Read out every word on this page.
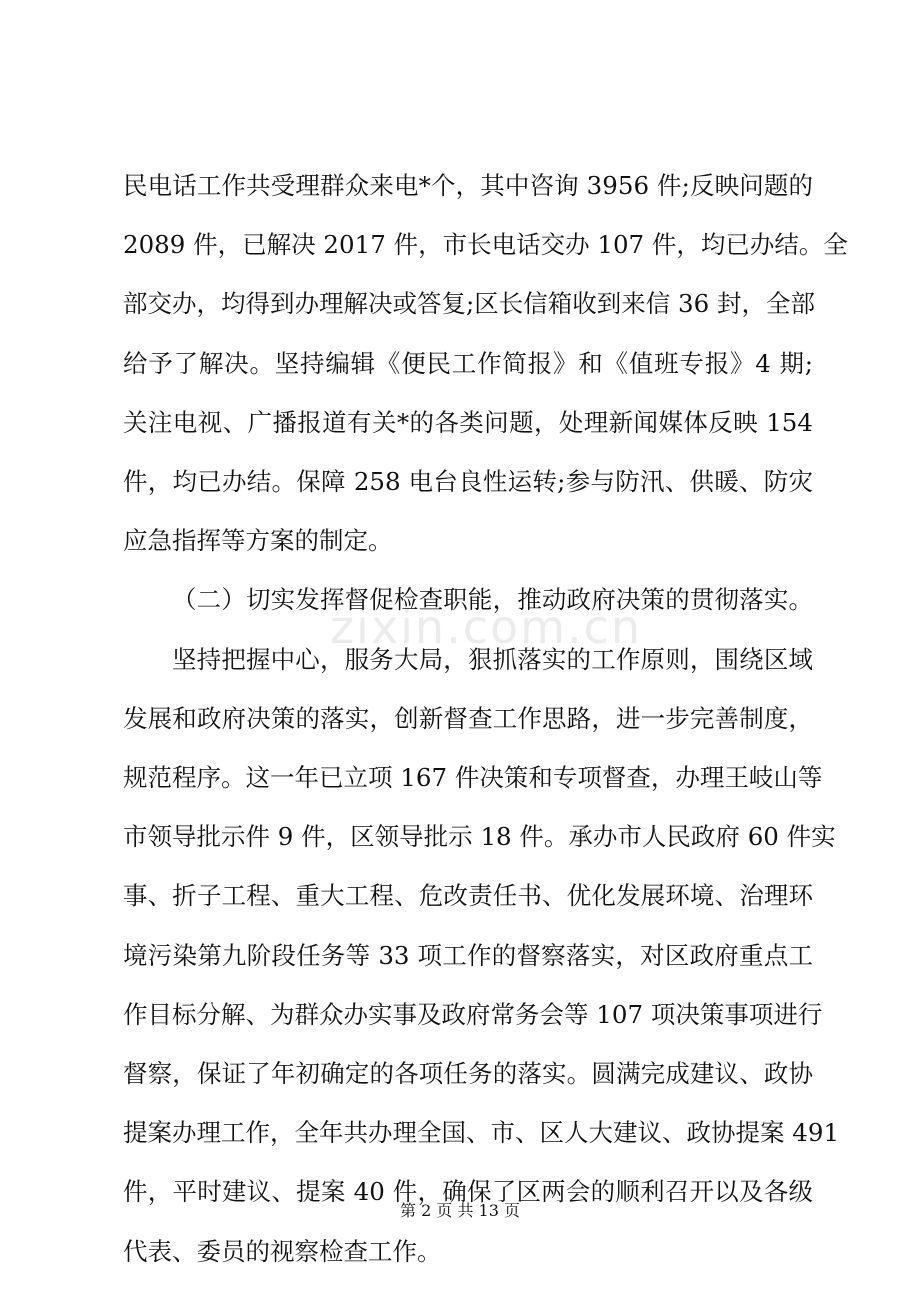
zixin.com.cn
民电话工作共受理群众来电*个，其中咨询 3956 件;反映问题的
2089 件，已解决 2017 件，市长电话交办 107 件，均已办结。全
部交办，均得到办理解决或答复;区长信箱收到来信 36 封，全部
给予了解决。坚持编辑《便民工作简报》和《值班专报》4 期;
关注电视、广播报道有关*的各类问题，处理新闻媒体反映 154
件，均已办结。保障 258 电台良性运转;参与防汛、供暖、防灾
应急指挥等方案的制定。
（二）切实发挥督促检查职能，推动政府决策的贯彻落实。
坚持把握中心，服务大局，狠抓落实的工作原则，围绕区域
发展和政府决策的落实，创新督查工作思路，进一步完善制度，
规范程序。这一年已立项 167 件决策和专项督查，办理王岐山等
市领导批示件 9 件，区领导批示 18 件。承办市人民政府 60 件实
事、折子工程、重大工程、危改责任书、优化发展环境、治理环
境污染第九阶段任务等 33 项工作的督察落实，对区政府重点工
作目标分解、为群众办实事及政府常务会等 107 项决策事项进行
督察，保证了年初确定的各项任务的落实。圆满完成建议、政协
提案办理工作，全年共办理全国、市、区人大建议、政协提案 491
件，平时建议、提案 40 件，确保了区两会的顺利召开以及各级
代表、委员的视察检查工作。
第 2 页 共 13 页
